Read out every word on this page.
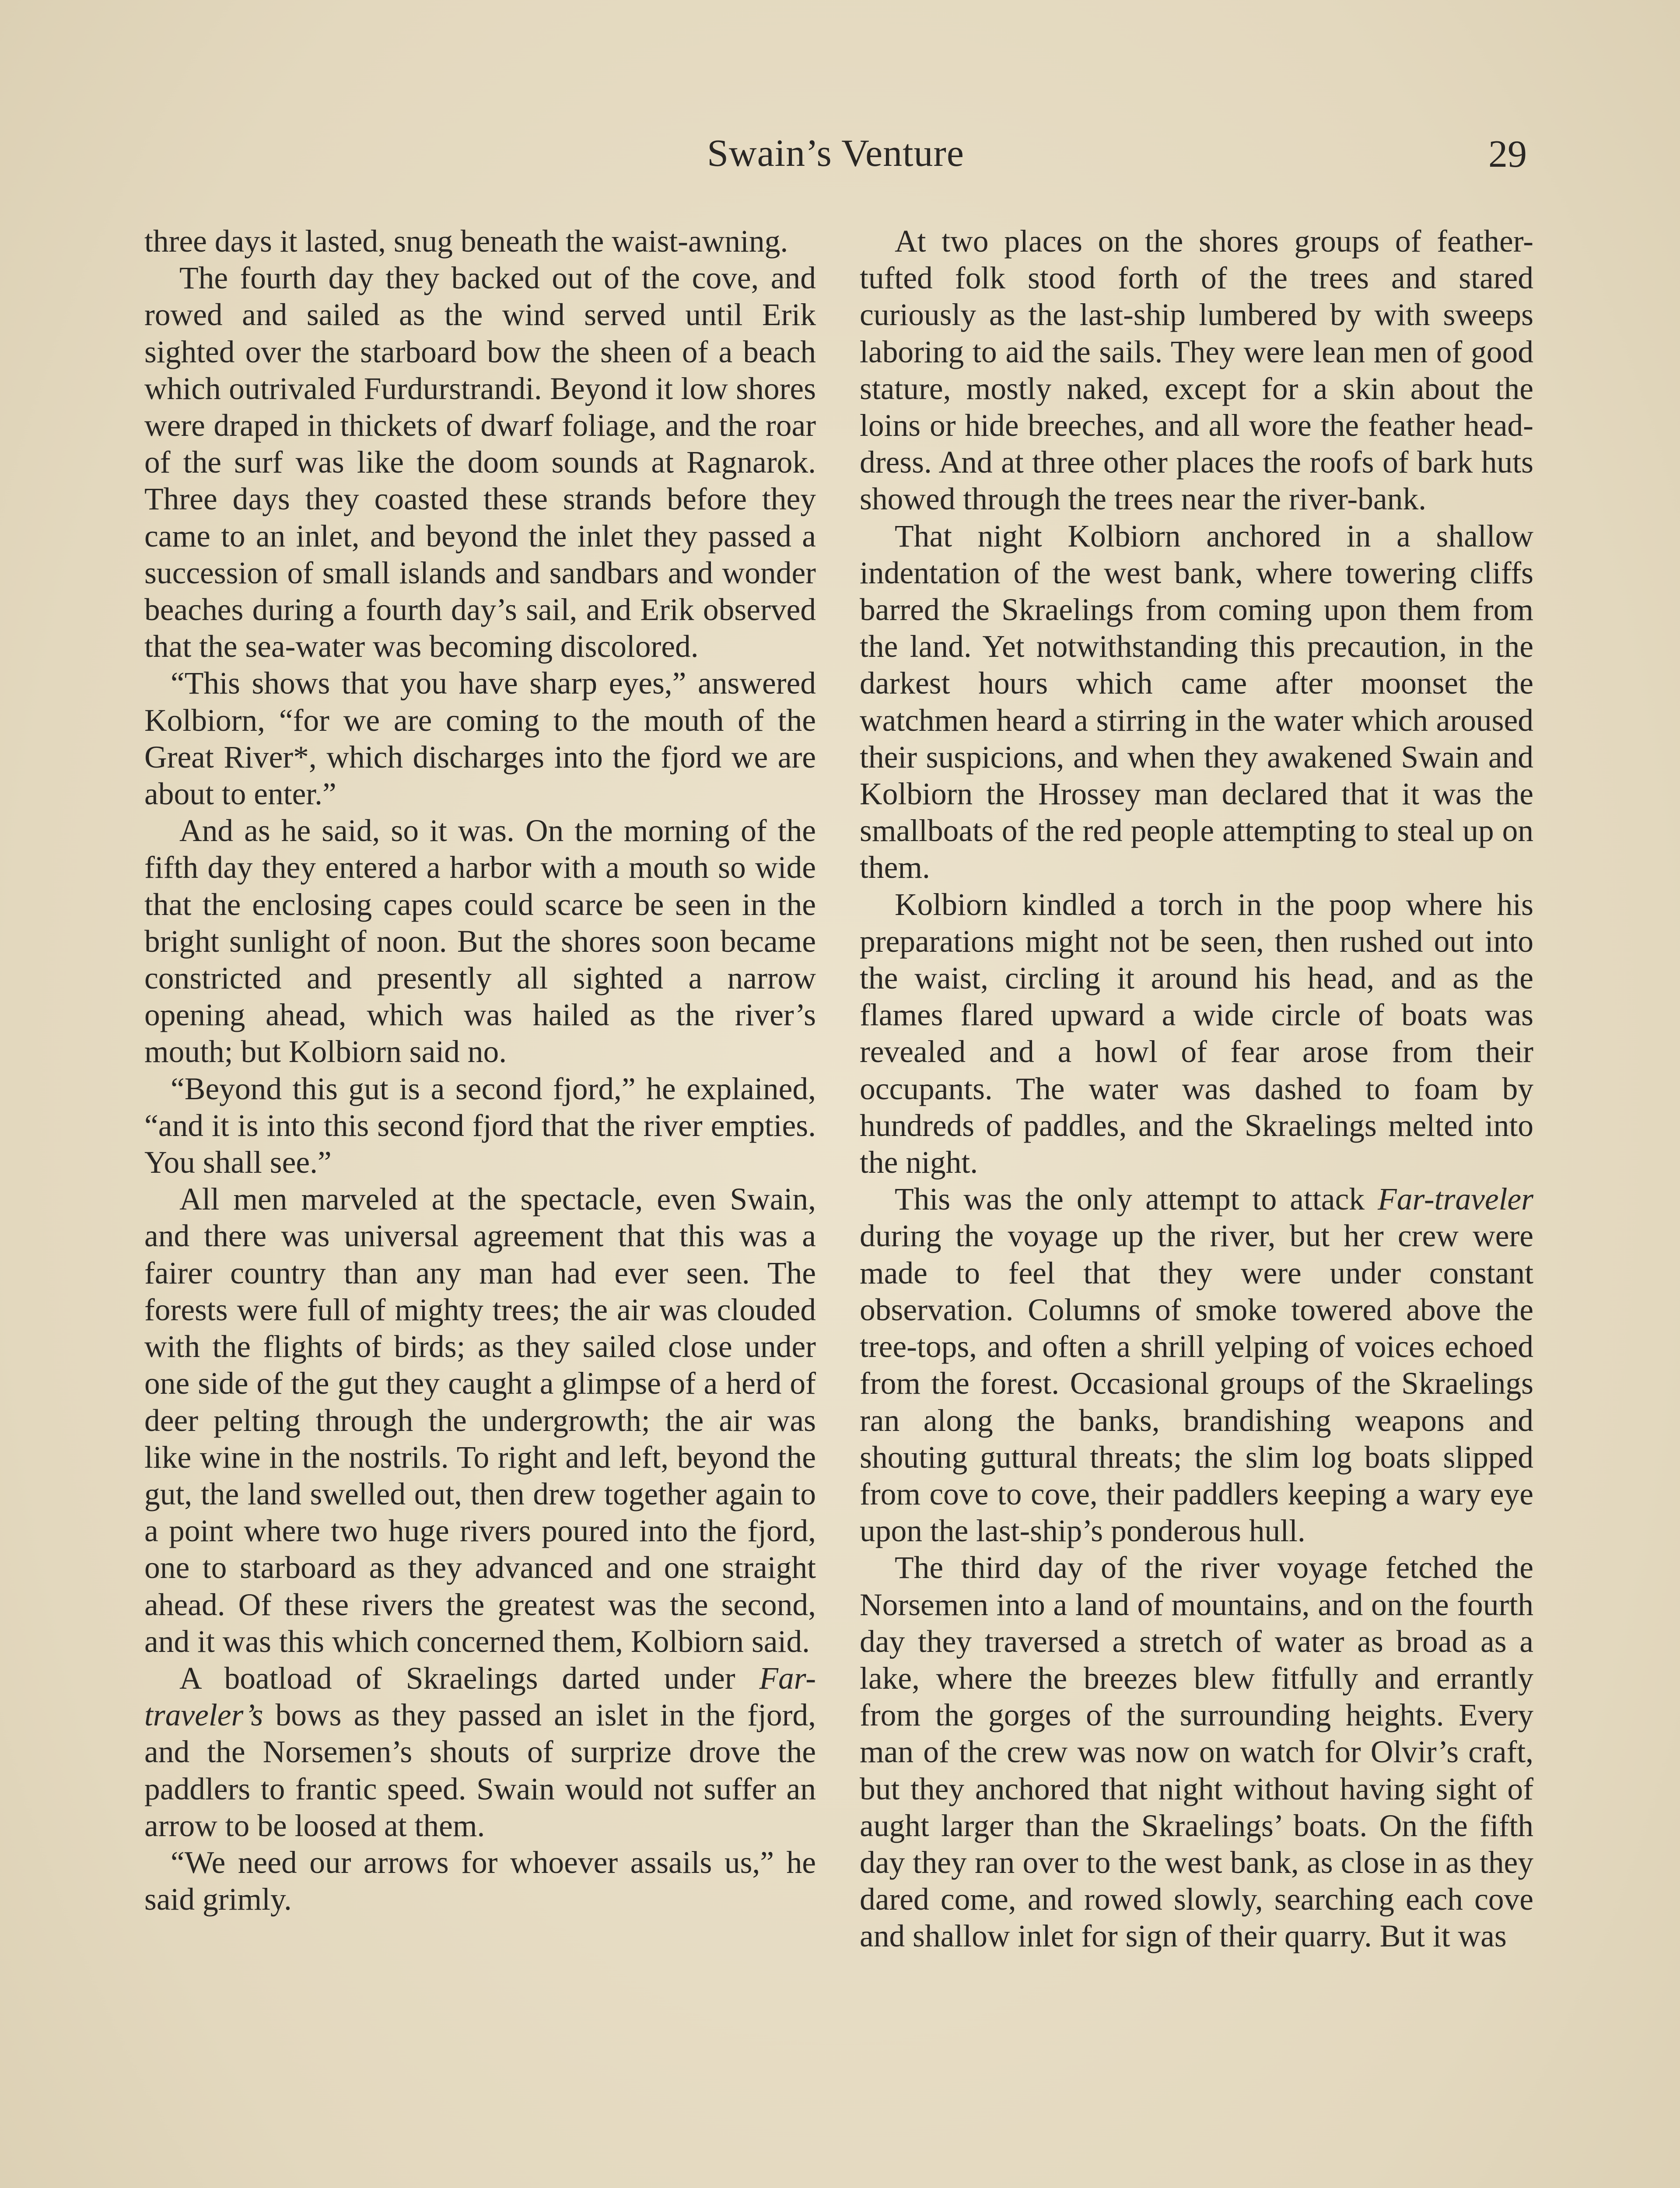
Swain’s Venture	29

three days it lasted, snug beneath the waist-awning.

The fourth day they backed out of the cove, and rowed and sailed as the wind served until Erik sighted over the starboard bow the sheen of a beach which outrivaled Furdurstrandi. Beyond it low shores were draped in thickets of dwarf foliage, and the roar of the surf was like the doom sounds at Ragnarok. Three days they coasted these strands before they came to an inlet, and beyond the inlet they passed a succession of small islands and sandbars and wonder beaches during a fourth day’s sail, and Erik observed that the sea-water was becoming discolored.

“This shows that you have sharp eyes,” answered Kolbiorn, “for we are coming to the mouth of the Great River*, which discharges into the fjord we are about to enter.”

And as he said, so it was. On the morning of the fifth day they entered a harbor with a mouth so wide that the enclosing capes could scarce be seen in the bright sunlight of noon. But the shores soon became constricted and presently all sighted a narrow opening ahead, which was hailed as the river’s mouth; but Kolbiorn said no.

“Beyond this gut is a second fjord,” he explained, “and it is into this second fjord that the river empties. You shall see.”

All men marveled at the spectacle, even Swain, and there was universal agreement that this was a fairer country than any man had ever seen. The forests were full of mighty trees; the air was clouded with the flights of birds; as they sailed close under one side of the gut they caught a glimpse of a herd of deer pelting through the undergrowth; the air was like wine in the nostrils. To right and left, beyond the gut, the land swelled out, then drew together again to a point where two huge rivers poured into the fjord, one to starboard as they advanced and one straight ahead. Of these rivers the greatest was the second, and it was this which concerned them, Kolbiorn said.

A boatload of Skraelings darted under Far-traveler’s bows as they passed an islet in the fjord, and the Norsemen’s shouts of surprize drove the paddlers to frantic speed. Swain would not suffer an arrow to be loosed at them.

“We need our arrows for whoever assails us,” he said grimly.

At two places on the shores groups of feather-tufted folk stood forth of the trees and stared curiously as the last-ship lumbered by with sweeps laboring to aid the sails. They were lean men of good stature, mostly naked, except for a skin about the loins or hide breeches, and all wore the feather head-dress. And at three other places the roofs of bark huts showed through the trees near the river-bank.

That night Kolbiorn anchored in a shallow indentation of the west bank, where towering cliffs barred the Skraelings from coming upon them from the land. Yet notwithstanding this precaution, in the darkest hours which came after moonset the watchmen heard a stirring in the water which aroused their suspicions, and when they awakened Swain and Kolbiorn the Hrossey man declared that it was the smallboats of the red people attempting to steal up on them.

Kolbiorn kindled a torch in the poop where his preparations might not be seen, then rushed out into the waist, circling it around his head, and as the flames flared upward a wide circle of boats was revealed and a howl of fear arose from their occupants. The water was dashed to foam by hundreds of paddles, and the Skraelings melted into the night.

This was the only attempt to attack Far-traveler during the voyage up the river, but her crew were made to feel that they were under constant observation. Columns of smoke towered above the tree-tops, and often a shrill yelping of voices echoed from the forest. Occasional groups of the Skraelings ran along the banks, brandishing weapons and shouting guttural threats; the slim log boats slipped from cove to cove, their paddlers keeping a wary eye upon the last-ship’s ponderous hull.

The third day of the river voyage fetched the Norsemen into a land of mountains, and on the fourth day they traversed a stretch of water as broad as a lake, where the breezes blew fitfully and errantly from the gorges of the surrounding heights. Every man of the crew was now on watch for Olvir’s craft, but they anchored that night without having sight of aught larger than the Skraelings’ boats. On the fifth day they ran over to the west bank, as close in as they dared come, and rowed slowly, searching each cove and shallow inlet for sign of their quarry. But it was
